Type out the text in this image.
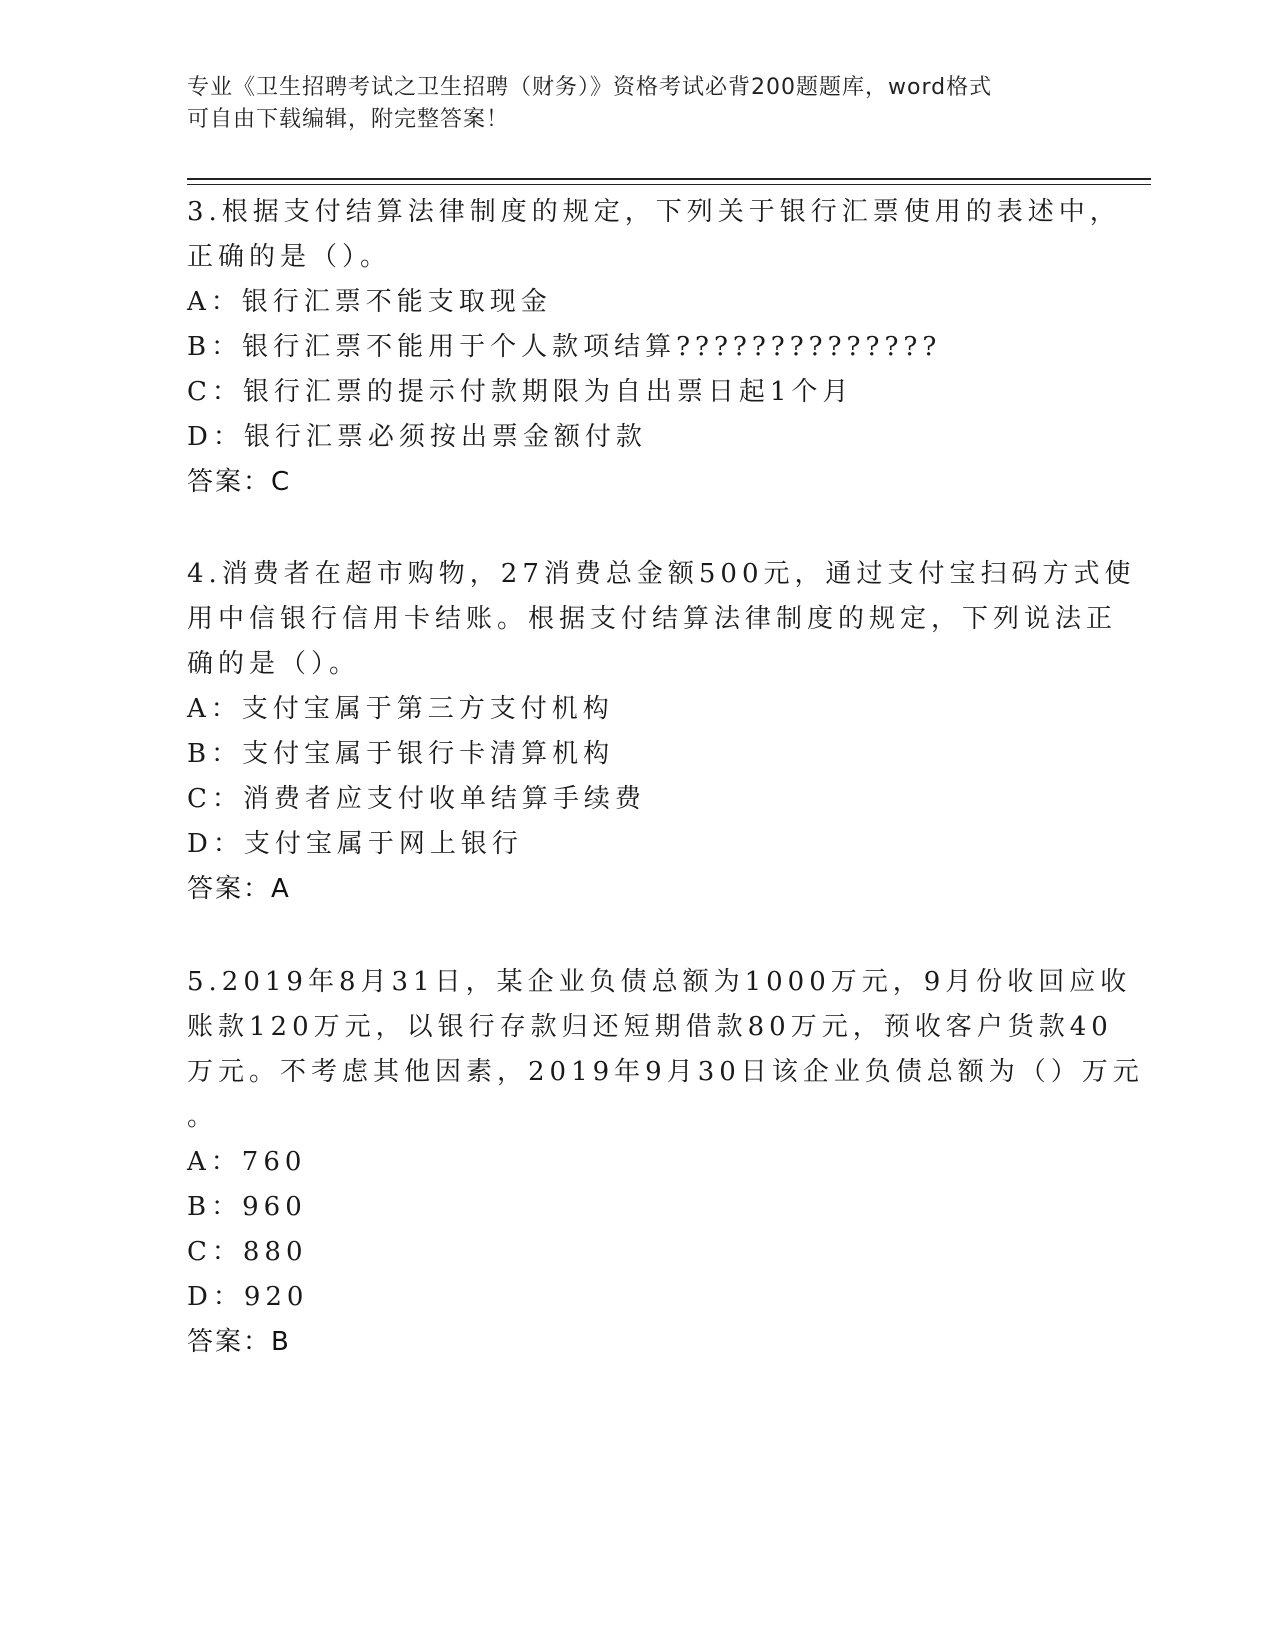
专业《卫生招聘考试之卫生招聘（财务）》资格考试必背200题题库，word格式
可自由下载编辑，附完整答案！
3.根据支付结算法律制度的规定，下列关于银行汇票使用的表述中，
正确的是（）。
A：银行汇票不能支取现金
B：银行汇票不能用于个人款项结算??????????????
C：银行汇票的提示付款期限为自出票日起1个月
D：银行汇票必须按出票金额付款
答案：C
4.消费者在超市购物，27消费总金额500元，通过支付宝扫码方式使
用中信银行信用卡结账。根据支付结算法律制度的规定，下列说法正
确的是（）。
A：支付宝属于第三方支付机构
B：支付宝属于银行卡清算机构
C：消费者应支付收单结算手续费
D：支付宝属于网上银行
答案：A
5.2019年8月31日，某企业负债总额为1000万元，9月份收回应收
账款120万元，以银行存款归还短期借款80万元，预收客户货款40
万元。不考虑其他因素，2019年9月30日该企业负债总额为（）万元
。
A：760
B：960
C：880
D：920
答案：B
